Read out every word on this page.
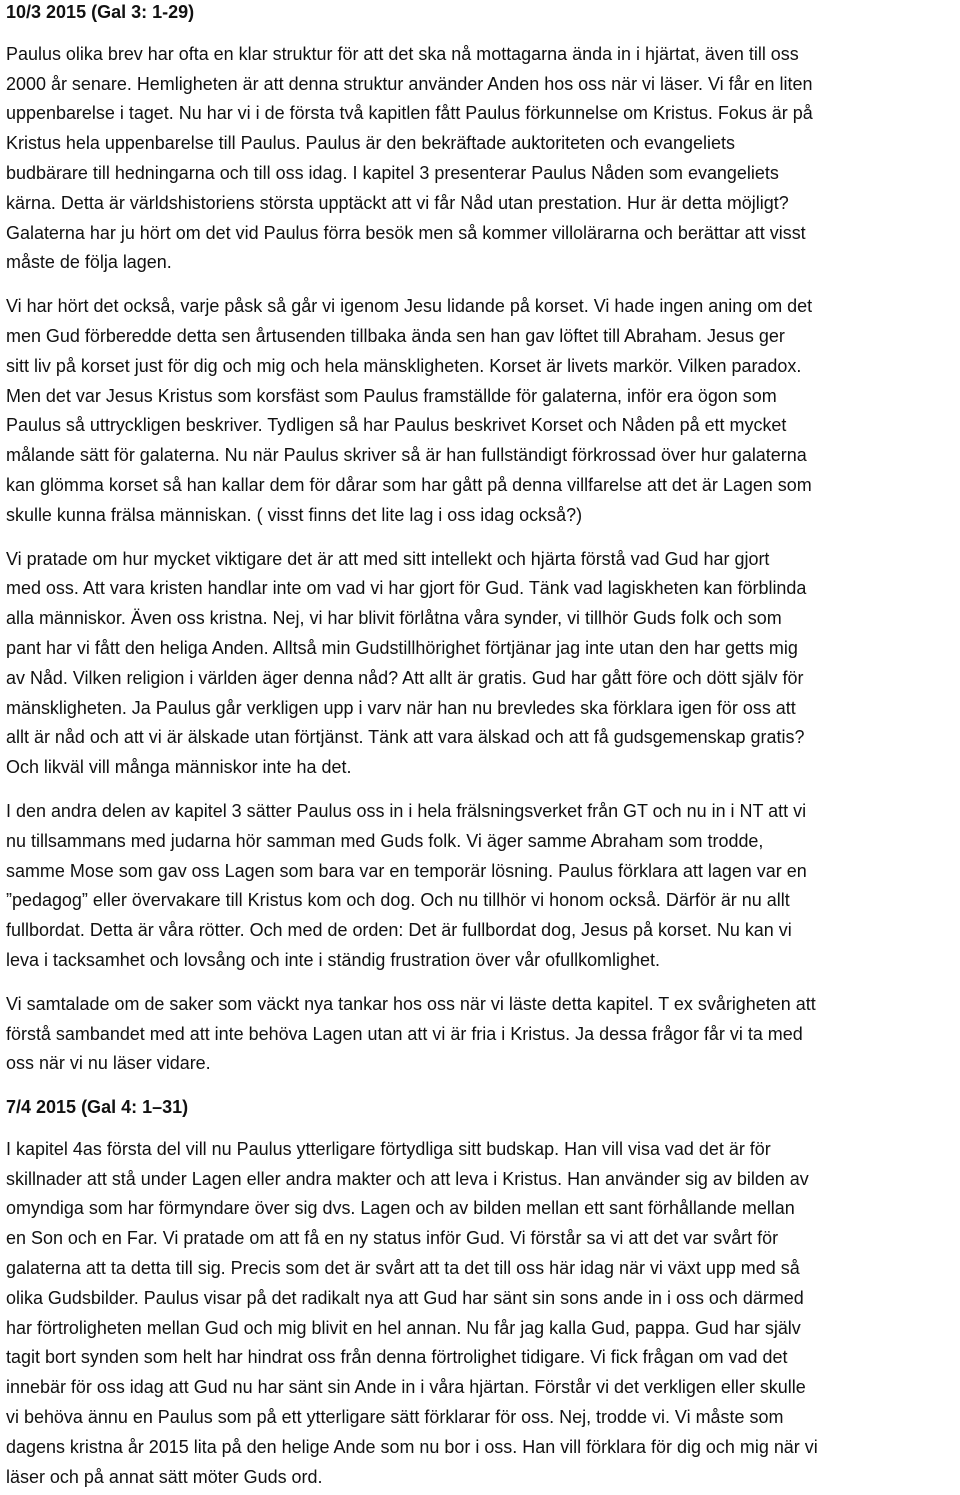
10/3 2015 (Gal 3: 1-29)

Paulus olika brev har ofta en klar struktur för att det ska nå mottagarna ända in i hjärtat, även till oss
2000 år senare. Hemligheten är att denna struktur använder Anden hos oss när vi läser. Vi får en liten
uppenbarelse i taget. Nu har vi i de första två kapitlen fått Paulus förkunnelse om Kristus. Fokus är på
Kristus hela uppenbarelse till Paulus. Paulus är den bekräftade auktoriteten och evangeliets
budbärare till hedningarna och till oss idag. I kapitel 3 presenterar Paulus Nåden som evangeliets
kärna. Detta är världshistoriens största upptäckt att vi får Nåd utan prestation. Hur är detta möjligt?
Galaterna har ju hört om det vid Paulus förra besök men så kommer villolärarna och berättar att visst
måste de följa lagen.

Vi har hört det också, varje påsk så går vi igenom Jesu lidande på korset. Vi hade ingen aning om det
men Gud förberedde detta sen årtusenden tillbaka ända sen han gav löftet till Abraham. Jesus ger
sitt liv på korset just för dig och mig och hela mänskligheten. Korset är livets markör. Vilken paradox.
Men det var Jesus Kristus som korsfäst som Paulus framställde för galaterna, inför era ögon som
Paulus så uttryckligen beskriver. Tydligen så har Paulus beskrivet Korset och Nåden på ett mycket
målande sätt för galaterna. Nu när Paulus skriver så är han fullständigt förkrossad över hur galaterna
kan glömma korset så han kallar dem för dårar som har gått på denna villfarelse att det är Lagen som
skulle kunna frälsa människan. ( visst finns det lite lag i oss idag också?)

Vi pratade om hur mycket viktigare det är att med sitt intellekt och hjärta förstå vad Gud har gjort
med oss. Att vara kristen handlar inte om vad vi har gjort för Gud. Tänk vad lagiskheten kan förblinda
alla människor. Även oss kristna. Nej, vi har blivit förlåtna våra synder, vi tillhör Guds folk och som
pant har vi fått den heliga Anden. Alltså min Gudstillhörighet förtjänar jag inte utan den har getts mig
av Nåd. Vilken religion i världen äger denna nåd? Att allt är gratis. Gud har gått före och dött själv för
mänskligheten. Ja Paulus går verkligen upp i varv när han nu brevledes ska förklara igen för oss att
allt är nåd och att vi är älskade utan förtjänst. Tänk att vara älskad och att få gudsgemenskap gratis?
Och likväl vill många människor inte ha det.

I den andra delen av kapitel 3 sätter Paulus oss in i hela frälsningsverket från GT och nu in i NT att vi
nu tillsammans med judarna hör samman med Guds folk. Vi äger samme Abraham som trodde,
samme Mose som gav oss Lagen som bara var en temporär lösning. Paulus förklara att lagen var en
”pedagog” eller övervakare till Kristus kom och dog. Och nu tillhör vi honom också. Därför är nu allt
fullbordat. Detta är våra rötter. Och med de orden: Det är fullbordat dog, Jesus på korset. Nu kan vi
leva i tacksamhet och lovsång och inte i ständig frustration över vår ofullkomlighet.

Vi samtalade om de saker som väckt nya tankar hos oss när vi läste detta kapitel. T ex svårigheten att
förstå sambandet med att inte behöva Lagen utan att vi är fria i Kristus. Ja dessa frågor får vi ta med
oss när vi nu läser vidare.

7/4 2015 (Gal 4: 1–31)

I kapitel 4as första del vill nu Paulus ytterligare förtydliga sitt budskap. Han vill visa vad det är för
skillnader att stå under Lagen eller andra makter och att leva i Kristus. Han använder sig av bilden av
omyndiga som har förmyndare över sig dvs. Lagen och av bilden mellan ett sant förhållande mellan
en Son och en Far. Vi pratade om att få en ny status inför Gud. Vi förstår sa vi att det var svårt för
galaterna att ta detta till sig. Precis som det är svårt att ta det till oss här idag när vi växt upp med så
olika Gudsbilder. Paulus visar på det radikalt nya att Gud har sänt sin sons ande in i oss och därmed
har förtroligheten mellan Gud och mig blivit en hel annan. Nu får jag kalla Gud, pappa. Gud har själv
tagit bort synden som helt har hindrat oss från denna förtrolighet tidigare. Vi fick frågan om vad det
innebär för oss idag att Gud nu har sänt sin Ande in i våra hjärtan. Förstår vi det verkligen eller skulle
vi behöva ännu en Paulus som på ett ytterligare sätt förklarar för oss. Nej, trodde vi. Vi måste som
dagens kristna år 2015 lita på den helige Ande som nu bor i oss. Han vill förklara för dig och mig när vi
läser och på annat sätt möter Guds ord.
